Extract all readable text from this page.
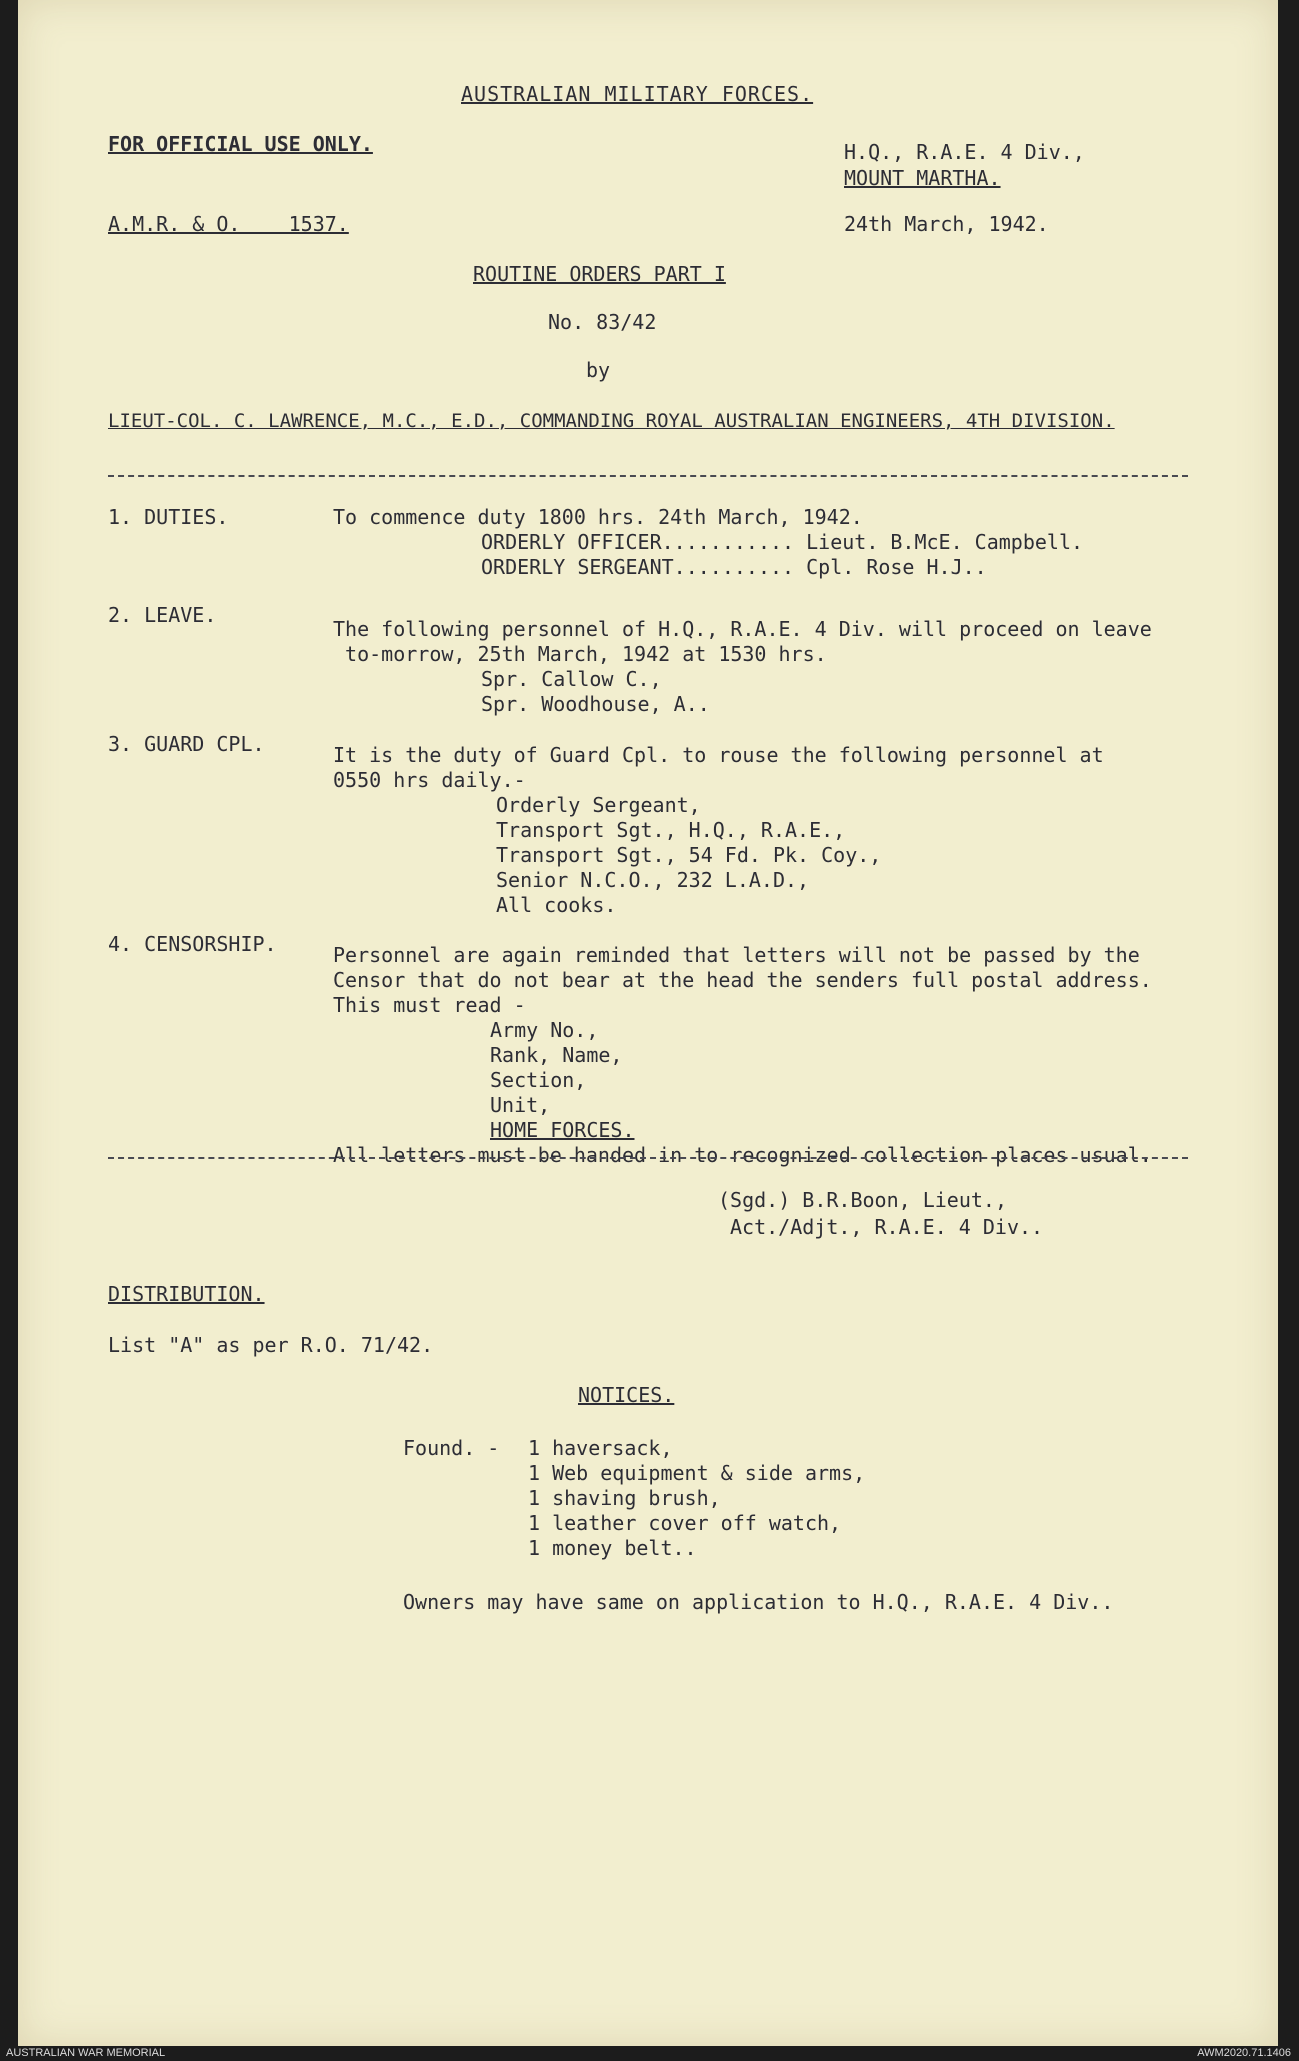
AUSTRALIAN MILITARY FORCES.
FOR OFFICIAL USE ONLY.	H.Q., R.A.E. 4 Div.,
MOUNT MARTHA.
A.M.R. & O.    1537.	24th March, 1942.
ROUTINE ORDERS PART I
No. 83/42
by
LIEUT-COL. C. LAWRENCE, M.C., E.D., COMMANDING ROYAL AUSTRALIAN ENGINEERS, 4TH DIVISION.
1. DUTIES.	To commence duty 1800 hrs. 24th March, 1942.
ORDERLY OFFICER........... Lieut. B.McE. Campbell.
ORDERLY SERGEANT.......... Cpl. Rose H.J..
2. LEAVE.
The following personnel of H.Q., R.A.E. 4 Div. will proceed on leave
to-morrow, 25th March, 1942 at 1530 hrs.
Spr. Callow C.,
Spr. Woodhouse, A..
3. GUARD CPL.	It is the duty of Guard Cpl. to rouse the following personnel at
0550 hrs daily.-
Orderly Sergeant,
Transport Sgt., H.Q., R.A.E.,
Transport Sgt., 54 Fd. Pk. Coy.,
Senior N.C.O., 232 L.A.D.,
All cooks.
4. CENSORSHIP.	Personnel are again reminded that letters will not be passed by the
Censor that do not bear at the head the senders full postal address.
This must read -
Army No.,
Rank, Name,
Section,
Unit,
HOME FORCES.
All letters must be handed in to recognized collection places usual.
(Sgd.) B.R.Boon, Lieut.,
Act./Adjt., R.A.E. 4 Div..
DISTRIBUTION.
List "A" as per R.O. 71/42.
NOTICES.
Found. - 1 haversack,
1 Web equipment & side arms,
1 shaving brush,
1 leather cover off watch,
1 money belt..
Owners may have same on application to H.Q., R.A.E. 4 Div..
AUSTRALIAN WAR MEMORIAL	AWM2020.71.1406
